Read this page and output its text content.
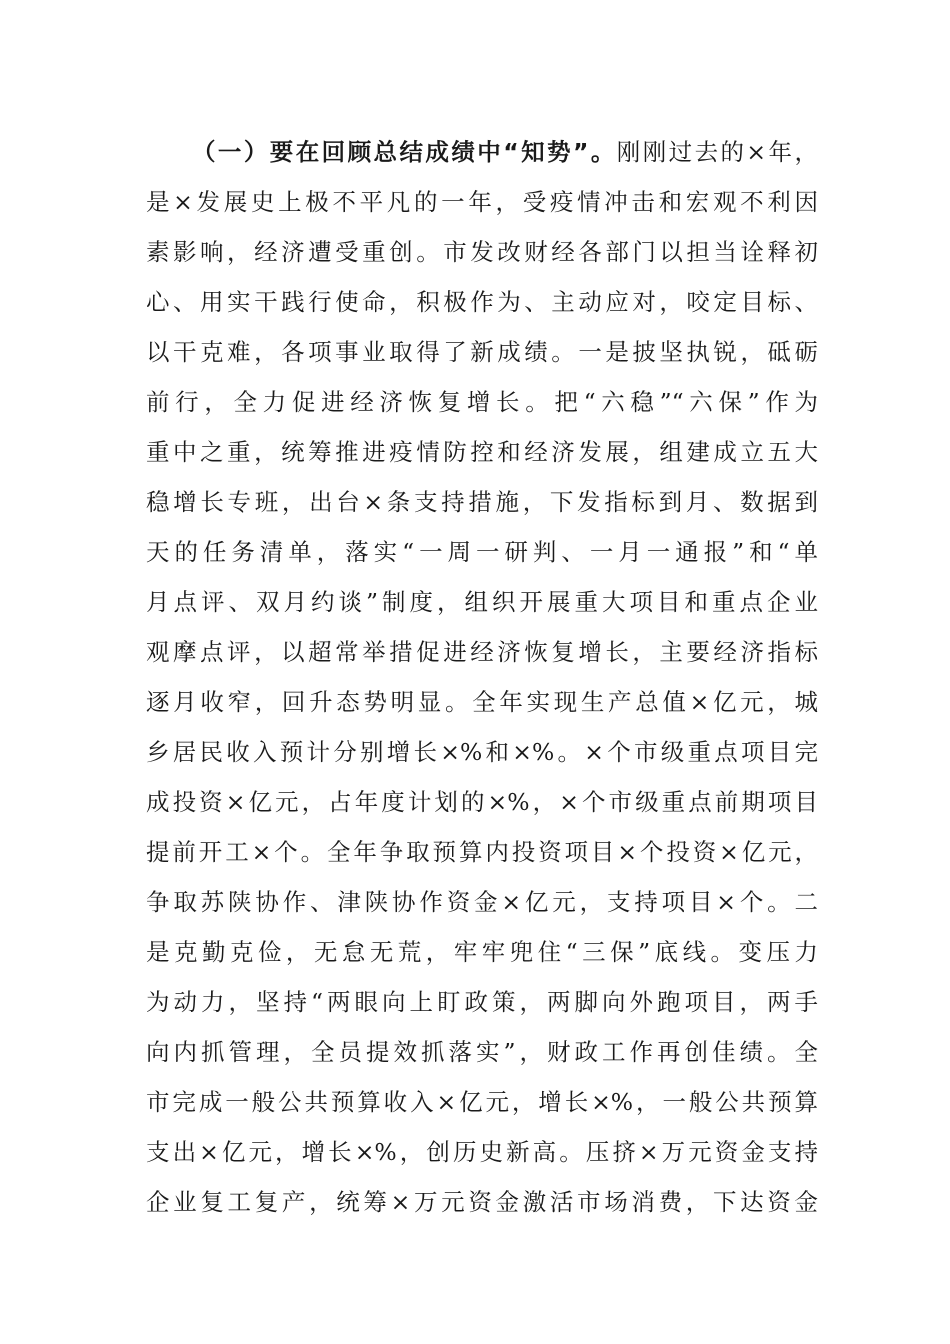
（一）要在回顾总结成绩中“知势”。刚刚过去的×年，
是×发展史上极不平凡的一年，受疫情冲击和宏观不利因
素影响，经济遭受重创。市发改财经各部门以担当诠释初
心、用实干践行使命，积极作为、主动应对，咬定目标、
以干克难，各项事业取得了新成绩。一是披坚执锐，砥砺
前行，全力促进经济恢复增长。把“六稳”“六保”作为
重中之重，统筹推进疫情防控和经济发展，组建成立五大
稳增长专班，出台×条支持措施，下发指标到月、数据到
天的任务清单，落实“一周一研判、一月一通报”和“单
月点评、双月约谈”制度，组织开展重大项目和重点企业
观摩点评，以超常举措促进经济恢复增长，主要经济指标
逐月收窄，回升态势明显。全年实现生产总值×亿元，城
乡居民收入预计分别增长×%和×%。×个市级重点项目完
成投资×亿元，占年度计划的×%，×个市级重点前期项目
提前开工×个。全年争取预算内投资项目×个投资×亿元，
争取苏陕协作、津陕协作资金×亿元，支持项目×个。二
是克勤克俭，无怠无荒，牢牢兜住“三保”底线。变压力
为动力，坚持“两眼向上盯政策，两脚向外跑项目，两手
向内抓管理，全员提效抓落实”，财政工作再创佳绩。全
市完成一般公共预算收入×亿元，增长×%，一般公共预算
支出×亿元，增长×%，创历史新高。压挤×万元资金支持
企业复工复产，统筹×万元资金激活市场消费，下达资金
